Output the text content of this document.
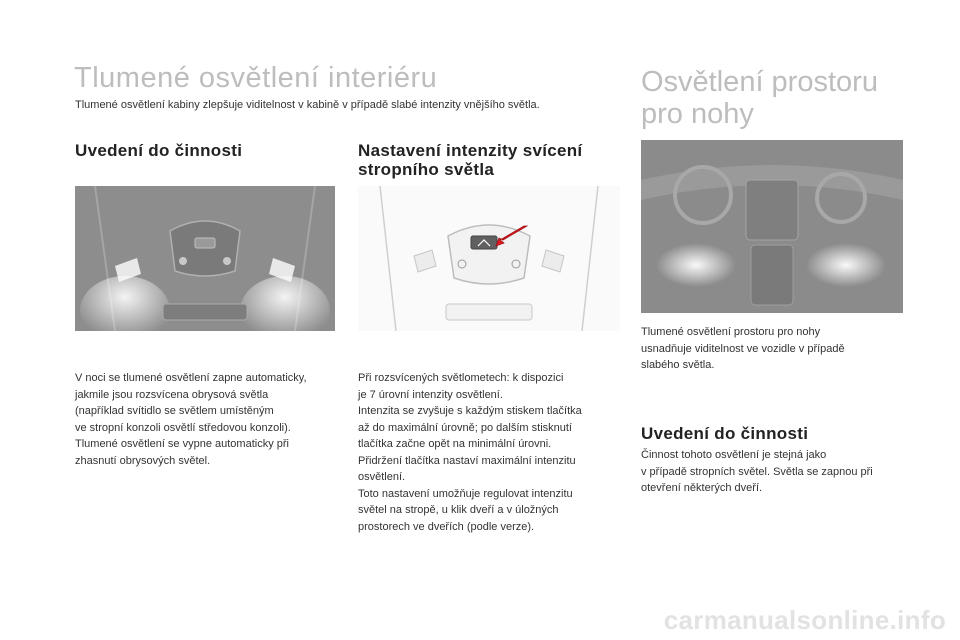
Tlumené osvětlení interiéru
Tlumené osvětlení kabiny zlepšuje viditelnost v kabině v případě slabé intenzity vnějšího světla.
Osvětlení prostoru pro nohy
Uvedení do činnosti
V noci se tlumené osvětlení zapne automaticky,
jakmile jsou rozsvícena obrysová světla
(například svítidlo se světlem umístěným
ve stropní konzoli osvětlí středovou konzoli).
Tlumené osvětlení se vypne automaticky při
zhasnutí obrysových světel.
Nastavení intenzity svícení
stropního světla
Při rozsvícených světlometech: k dispozici
je 7 úrovní intenzity osvětlení.
Intenzita se zvyšuje s každým stiskem tlačítka
až do maximální úrovně; po dalším stisknutí
tlačítka začne opět na minimální úrovni.
Přidržení tlačítka nastaví maximální intenzitu
osvětlení.
Toto nastavení umožňuje regulovat intenzitu
světel na stropě, u klik dveří a v úložných
prostorech ve dveřích (podle verze).
Tlumené osvětlení prostoru pro nohy
usnadňuje viditelnost ve vozidle v případě
slabého světla.
Uvedení do činnosti
Činnost tohoto osvětlení je stejná jako
v případě stropních světel. Světla se zapnou při
otevření některých dveří.
carmanualsonline.info
